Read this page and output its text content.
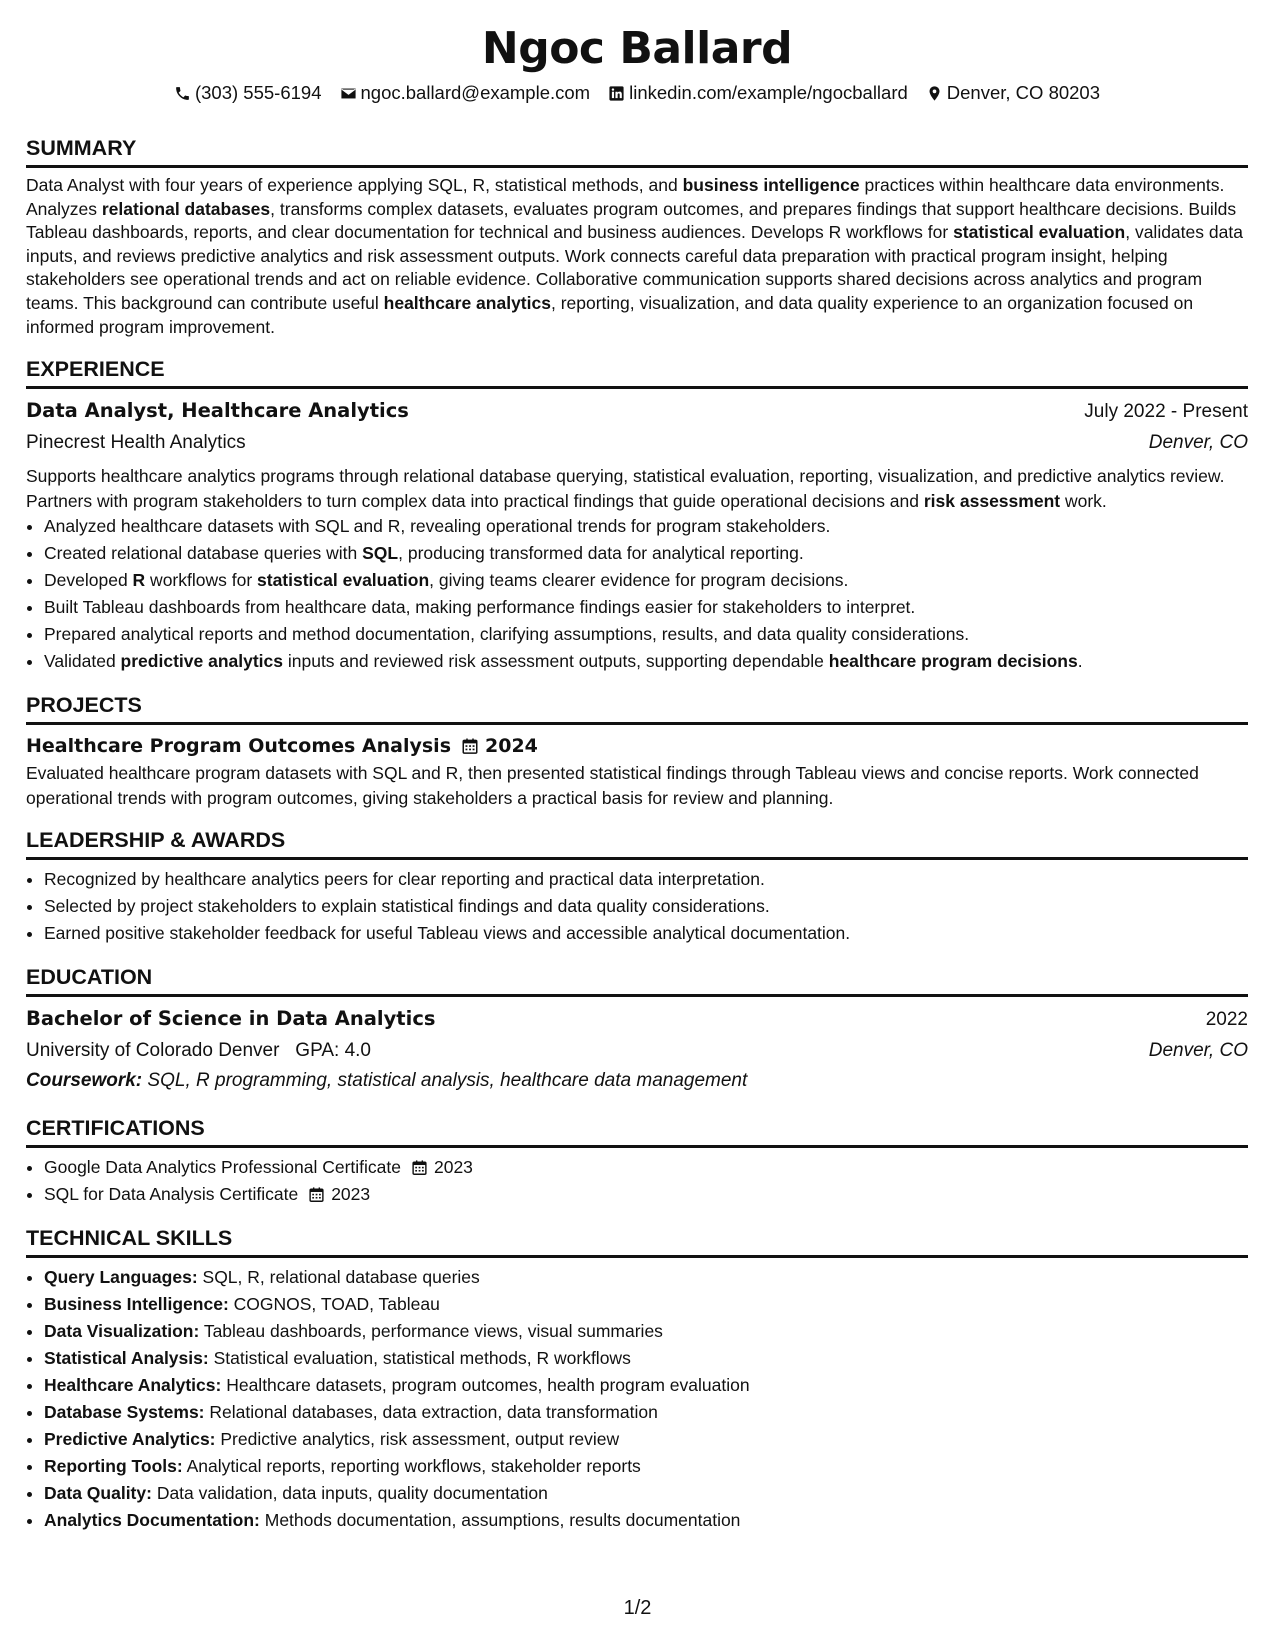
Ngoc Ballard
(303) 555-6194 ngoc.ballard@example.com linkedin.com/example/ngocballard Denver, CO 80203
SUMMARY

Data Analyst with four years of experience applying SQL, R, statistical methods, and business intelligence practices within healthcare data environments. Analyzes relational databases, transforms complex datasets, evaluates program outcomes, and prepares findings that support healthcare decisions. Builds Tableau dashboards, reports, and clear documentation for technical and business audiences. Develops R workflows for statistical evaluation, validates data inputs, and reviews predictive analytics and risk assessment outputs. Work connects careful data preparation with practical program insight, helping stakeholders see operational trends and act on reliable evidence. Collaborative communication supports shared decisions across analytics and program teams. This background can contribute useful healthcare analytics, reporting, visualization, and data quality experience to an organization focused on informed program improvement.

EXPERIENCE
Data Analyst, Healthcare Analytics	July 2022 - Present
Pinecrest Health Analytics	Denver, CO

Supports healthcare analytics programs through relational database querying, statistical evaluation, reporting, visualization, and predictive analytics review. Partners with program stakeholders to turn complex data into practical findings that guide operational decisions and risk assessment work.

• Analyzed healthcare datasets with SQL and R, revealing operational trends for program stakeholders.
• Created relational database queries with SQL, producing transformed data for analytical reporting.
• Developed R workflows for statistical evaluation, giving teams clearer evidence for program decisions.
• Built Tableau dashboards from healthcare data, making performance findings easier for stakeholders to interpret.
• Prepared analytical reports and method documentation, clarifying assumptions, results, and data quality considerations.
• Validated predictive analytics inputs and reviewed risk assessment outputs, supporting dependable healthcare program decisions.
PROJECTS
Healthcare Program Outcomes Analysis 2024

Evaluated healthcare program datasets with SQL and R, then presented statistical findings through Tableau views and concise reports. Work connected operational trends with program outcomes, giving stakeholders a practical basis for review and planning.

LEADERSHIP & AWARDS
• Recognized by healthcare analytics peers for clear reporting and practical data interpretation.
• Selected by project stakeholders to explain statistical findings and data quality considerations.
• Earned positive stakeholder feedback for useful Tableau views and accessible analytical documentation.
EDUCATION
Bachelor of Science in Data Analytics	2022
University of Colorado Denver GPA: 4.0	Denver, CO
Coursework: SQL, R programming, statistical analysis, healthcare data management
CERTIFICATIONS
• Google Data Analytics Professional Certificate 2023
• SQL for Data Analysis Certificate 2023
TECHNICAL SKILLS
• Query Languages: SQL, R, relational database queries
• Business Intelligence: COGNOS, TOAD, Tableau
• Data Visualization: Tableau dashboards, performance views, visual summaries
• Statistical Analysis: Statistical evaluation, statistical methods, R workflows
• Healthcare Analytics: Healthcare datasets, program outcomes, health program evaluation
• Database Systems: Relational databases, data extraction, data transformation
• Predictive Analytics: Predictive analytics, risk assessment, output review
• Reporting Tools: Analytical reports, reporting workflows, stakeholder reports
• Data Quality: Data validation, data inputs, quality documentation
• Analytics Documentation: Methods documentation, assumptions, results documentation
1/2
